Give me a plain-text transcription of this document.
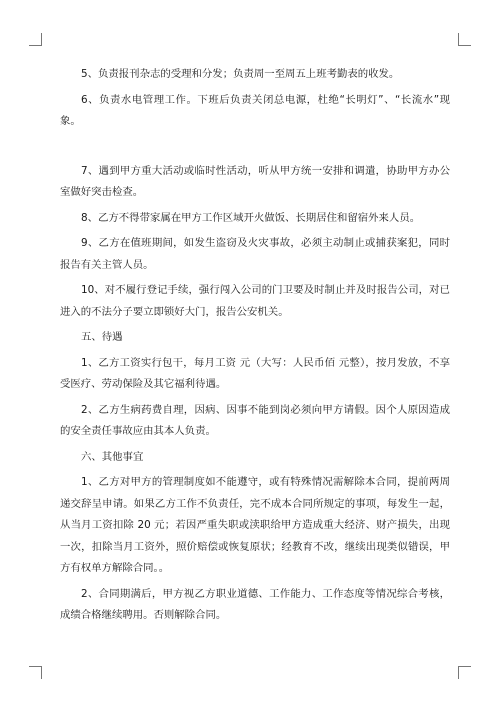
5、负责报刊杂志的受理和分发；负责周一至周五上班考勤表的收发。

6、负责水电管理工作。下班后负责关闭总电源，杜绝“长明灯”、“长流水”现象。

7、遇到甲方重大活动或临时性活动，听从甲方统一安排和调遣，协助甲方办公室做好突击检查。

8、乙方不得带家属在甲方工作区域开火做饭、长期居住和留宿外来人员。

9、乙方在值班期间，如发生盗窃及火灾事故，必须主动制止或捕获案犯，同时报告有关主管人员。

10、对不履行登记手续，强行闯入公司的门卫要及时制止并及时报告公司，对已进入的不法分子要立即锁好大门，报告公安机关。

五、待遇

1、乙方工资实行包干，每月工资 元（大写：人民币佰 元整），按月发放，不享受医疗、劳动保险及其它福利待遇。

2、乙方生病药费自理，因病、因事不能到岗必须向甲方请假。因个人原因造成的安全责任事故应由其本人负责。

六、其他事宜

1、乙方对甲方的管理制度如不能遵守，或有特殊情况需解除本合同，提前两周递交辞呈申请。如果乙方工作不负责任，完不成本合同所规定的事项，每发生一起，从当月工资扣除 20 元；若因严重失职或渎职给甲方造成重大经济、财产损失，出现一次，扣除当月工资外，照价赔偿或恢复原状；经教育不改，继续出现类似错误，甲方有权单方解除合同。。

2、合同期满后，甲方视乙方职业道德、工作能力、工作态度等情况综合考核，成绩合格继续聘用。否则解除合同。
